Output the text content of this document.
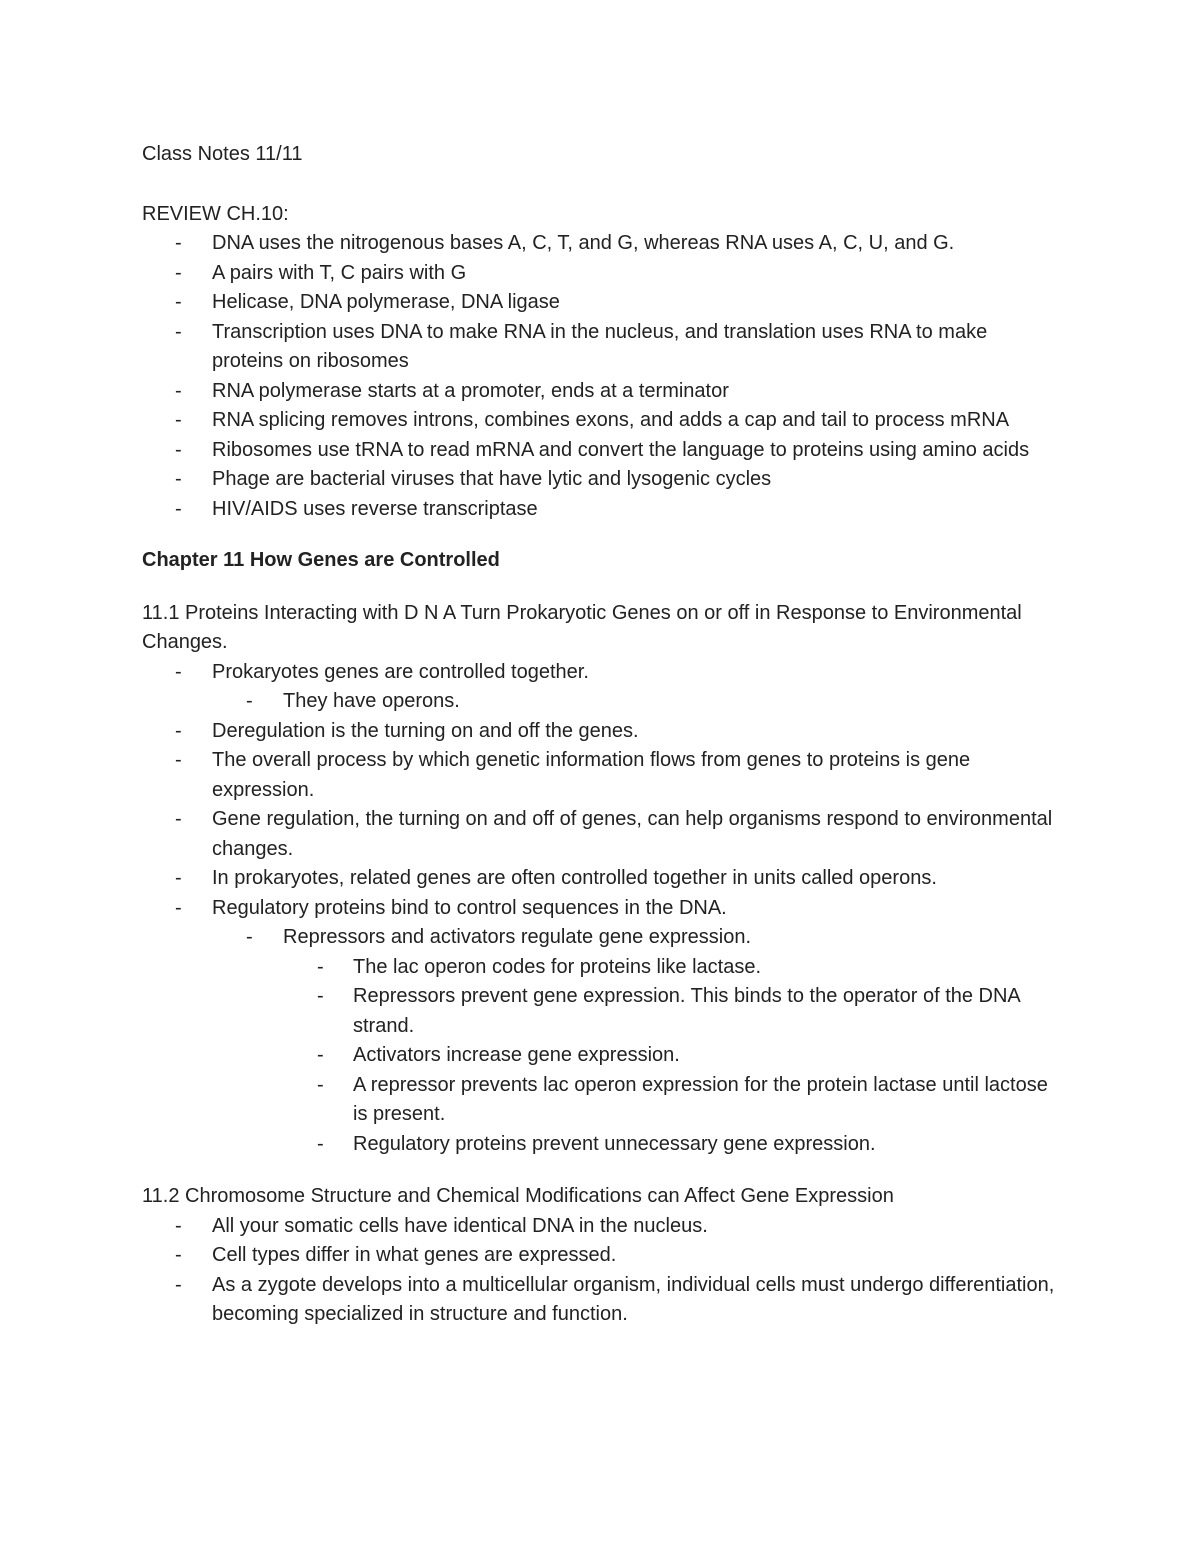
Class Notes 11/11

REVIEW CH.10:

- DNA uses the nitrogenous bases A, C, T, and G, whereas RNA uses A, C, U, and G.
- A pairs with T, C pairs with G
- Helicase, DNA polymerase, DNA ligase
- Transcription uses DNA to make RNA in the nucleus, and translation uses RNA to make proteins on ribosomes
- RNA polymerase starts at a promoter, ends at a terminator
- RNA splicing removes introns, combines exons, and adds a cap and tail to process mRNA
- Ribosomes use tRNA to read mRNA and convert the language to proteins using amino acids
- Phage are bacterial viruses that have lytic and lysogenic cycles
- HIV/AIDS uses reverse transcriptase

Chapter 11 How Genes are Controlled

11.1 Proteins Interacting with D N A Turn Prokaryotic Genes on or off in Response to Environmental Changes.

- Prokaryotes genes are controlled together.
- They have operons.
- Deregulation is the turning on and off the genes.
- The overall process by which genetic information flows from genes to proteins is gene expression.
- Gene regulation, the turning on and off of genes, can help organisms respond to environmental changes.
- In prokaryotes, related genes are often controlled together in units called operons.
- Regulatory proteins bind to control sequences in the DNA.
- Repressors and activators regulate gene expression.
- The lac operon codes for proteins like lactase.
- Repressors prevent gene expression. This binds to the operator of the DNA strand.
- Activators increase gene expression.
- A repressor prevents lac operon expression for the protein lactase until lactose is present.
- Regulatory proteins prevent unnecessary gene expression.

11.2 Chromosome Structure and Chemical Modifications can Affect Gene Expression

- All your somatic cells have identical DNA in the nucleus.
- Cell types differ in what genes are expressed.
- As a zygote develops into a multicellular organism, individual cells must undergo differentiation, becoming specialized in structure and function.
